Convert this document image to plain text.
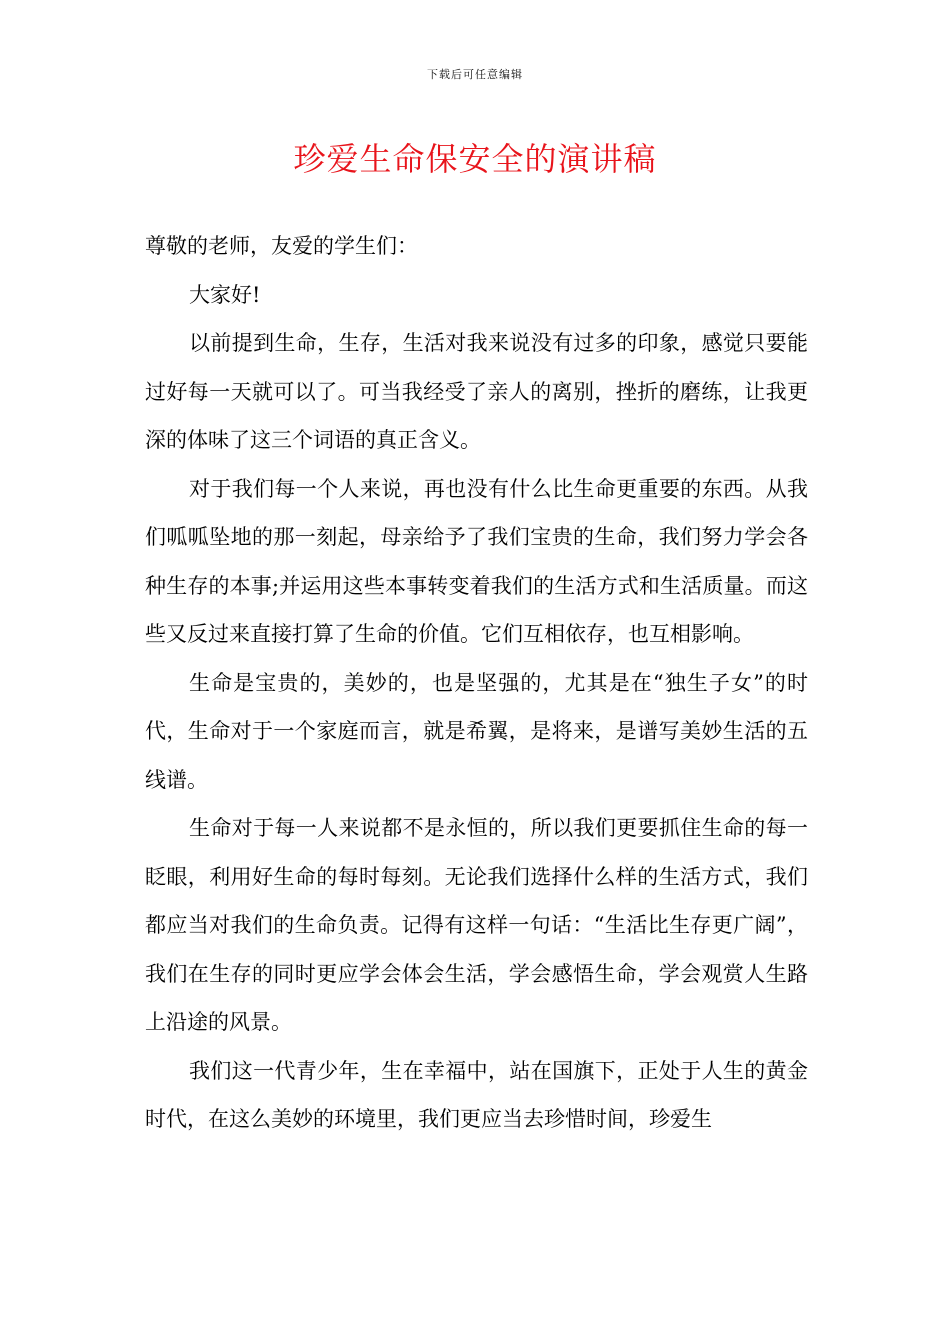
下载后可任意编辑
珍爱生命保安全的演讲稿

尊敬的老师，友爱的学生们：

大家好!

以前提到生命，生存，生活对我来说没有过多的印象，感觉只要能过好每一天就可以了。可当我经受了亲人的离别，挫折的磨练，让我更深的体味了这三个词语的真正含义。

对于我们每一个人来说，再也没有什么比生命更重要的东西。从我们呱呱坠地的那一刻起，母亲给予了我们宝贵的生命，我们努力学会各种生存的本事;并运用这些本事转变着我们的生活方式和生活质量。而这些又反过来直接打算了生命的价值。它们互相依存，也互相影响。

生命是宝贵的，美妙的，也是坚强的，尤其是在“独生子女”的时代，生命对于一个家庭而言，就是希翼，是将来，是谱写美妙生活的五线谱。

生命对于每一人来说都不是永恒的，所以我们更要抓住生命的每一眨眼，利用好生命的每时每刻。无论我们选择什么样的生活方式，我们都应当对我们的生命负责。记得有这样一句话：“生活比生存更广阔”，我们在生存的同时更应学会体会生活，学会感悟生命，学会观赏人生路上沿途的风景。

我们这一代青少年，生在幸福中，站在国旗下，正处于人生的黄金时代，在这么美妙的环境里，我们更应当去珍惜时间，珍爱生
